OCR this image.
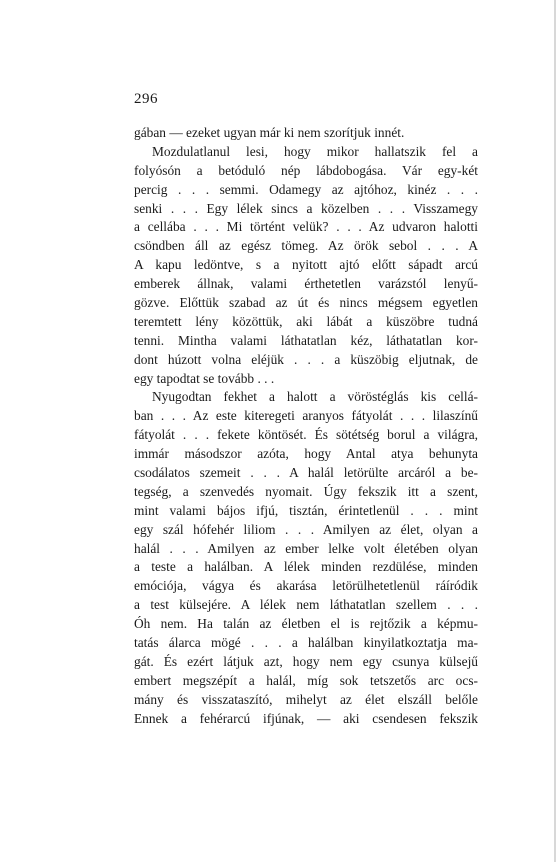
296
gában — ezeket ugyan már ki nem szorítjuk innét.
Mozdulatlanul lesi, hogy mikor hallatszik fel a
folyósón a betóduló nép lábdobogása. Vár egy-két
percig . . . semmi. Odamegy az ajtóhoz, kinéz . . .
senki . . . Egy lélek sincs a közelben . . . Visszamegy
a cellába . . . Mi történt velük? . . . Az udvaron halotti
csöndben áll az egész tömeg. Az örök sebol . . . A
A kapu ledöntve, s a nyitott ajtó előtt sápadt arcú
emberek állnak, valami érthetetlen varázstól lenyű-
gözve. Előttük szabad az út és nincs mégsem egyetlen
teremtett lény közöttük, aki lábát a küszöbre tudná
tenni. Mintha valami láthatatlan kéz, láthatatlan kor-
dont húzott volna eléjük . . . a küszöbig eljutnak, de
egy tapodtat se tovább . . .
Nyugodtan fekhet a halott a vöröstéglás kis cellá-
ban . . . Az este kiteregeti aranyos fátyolát . . . lilaszínű
fátyolát . . . fekete köntösét. És sötétség borul a világra,
immár másodszor azóta, hogy Antal atya behunyta
csodálatos szemeit . . . A halál letörülte arcáról a be-
tegség, a szenvedés nyomait. Úgy fekszik itt a szent,
mint valami bájos ifjú, tisztán, érintetlenül . . . mint
egy szál hófehér liliom . . . Amilyen az élet, olyan a
halál . . . Amilyen az ember lelke volt életében olyan
a teste a halálban. A lélek minden rezdülése, minden
emóciója, vágya és akarása letörülhetetlenül ráíródik
a test külsejére. A lélek nem láthatatlan szellem . . .
Óh nem. Ha talán az életben el is rejtőzik a képmu-
tatás álarca mögé . . . a halálban kinyilatkoztatja ma-
gát. És ezért látjuk azt, hogy nem egy csunya külsejű
embert megszépít a halál, míg sok tetszetős arc ocs-
mány és visszataszító, mihelyt az élet elszáll belőle
Ennek a fehérarcú ifjúnak, — aki csendesen fekszik
